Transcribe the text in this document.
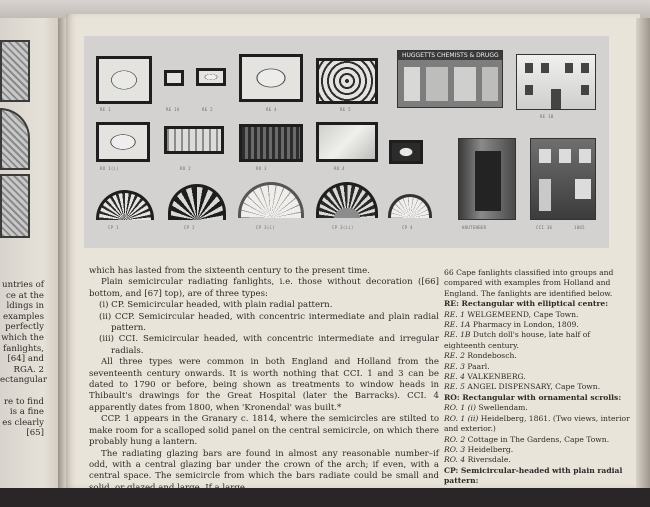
untries of
ce at the
ldings in
examples
perfectly
which the
fanlights,
[64] and
RGA. 2
ectangular

re to find
is a fine
es clearly
[65]
HUGGETTS CHEMISTS & DRUGG
RE 1	RE 1A	RE 2	RE 4	RE 5
RE 1B
RO 1(i)	RO 2	RO 3	RO 4
CP 1	CP 2	CP 3(i)	CP 3(ii)	CP 4	HOUTENBER	CCI 36	1865

which has lasted from the sixteenth century to the present time.

Plain semicircular radiating fanlights, i.e. those without decoration ([66] bottom, and [67] top), are of three types:

(i) CP. Semicircular headed, with plain radial pattern.

(ii) CCP. Semicircular headed, with concentric intermediate and plain radial pattern.

(iii) CCI. Semicircular headed, with concentric intermediate and irregular radials.

All three types were common in both England and Holland from the seventeenth century onwards. It is worth nothing that CCI. 1 and 3 can be dated to 1790 or before, being shown as treatments to window heads in Thibault's drawings for the Great Hospital (later the Barracks). CCI. 4 apparently dates from 1800, when 'Kronendal' was built.*

CCP. 1 appears in the Granary c. 1814, where the semicircles are stilted to make room for a scalloped solid panel on the central semicircle, on which there probably hung a lantern.

The radiating glazing bars are found in almost any reasonable number–if odd, with a central glazing bar under the crown of the arch; if even, with a central space. The semicircle from which the bars radiate could be small and solid, or glazed and large. If a large ...

66 Cape fanlights classified into groups and compared with examples from Holland and England. The fanlights are identified below.
RE: Rectangular with elliptical centre:
RE. 1 WELGEMEEND, Cape Town.
RE. 1A Pharmacy in London, 1809.
RE. 1B Dutch doll's house, late half of eighteenth century.
RE. 2 Rondebosch.
RE. 3 Paarl.
RE. 4 VALKENBERG.
RE. 5 ANGEL DISPENSARY, Cape Town.
RO: Rectangular with ornamental scrolls:
RO. 1 (i) Swellendam.
RO. 1 (ii) Heidelberg, 1861. (Two views, interior and exterior.)
RO. 2 Cottage in The Gardens, Cape Town.
RO. 3 Heidelberg.
RO. 4 Riversdale.
CP: Semicircular-headed with plain radial pattern:
CP. 1 Warehouse in Bree Street.
CP. 2 Malay Quarter, Cape Town.
